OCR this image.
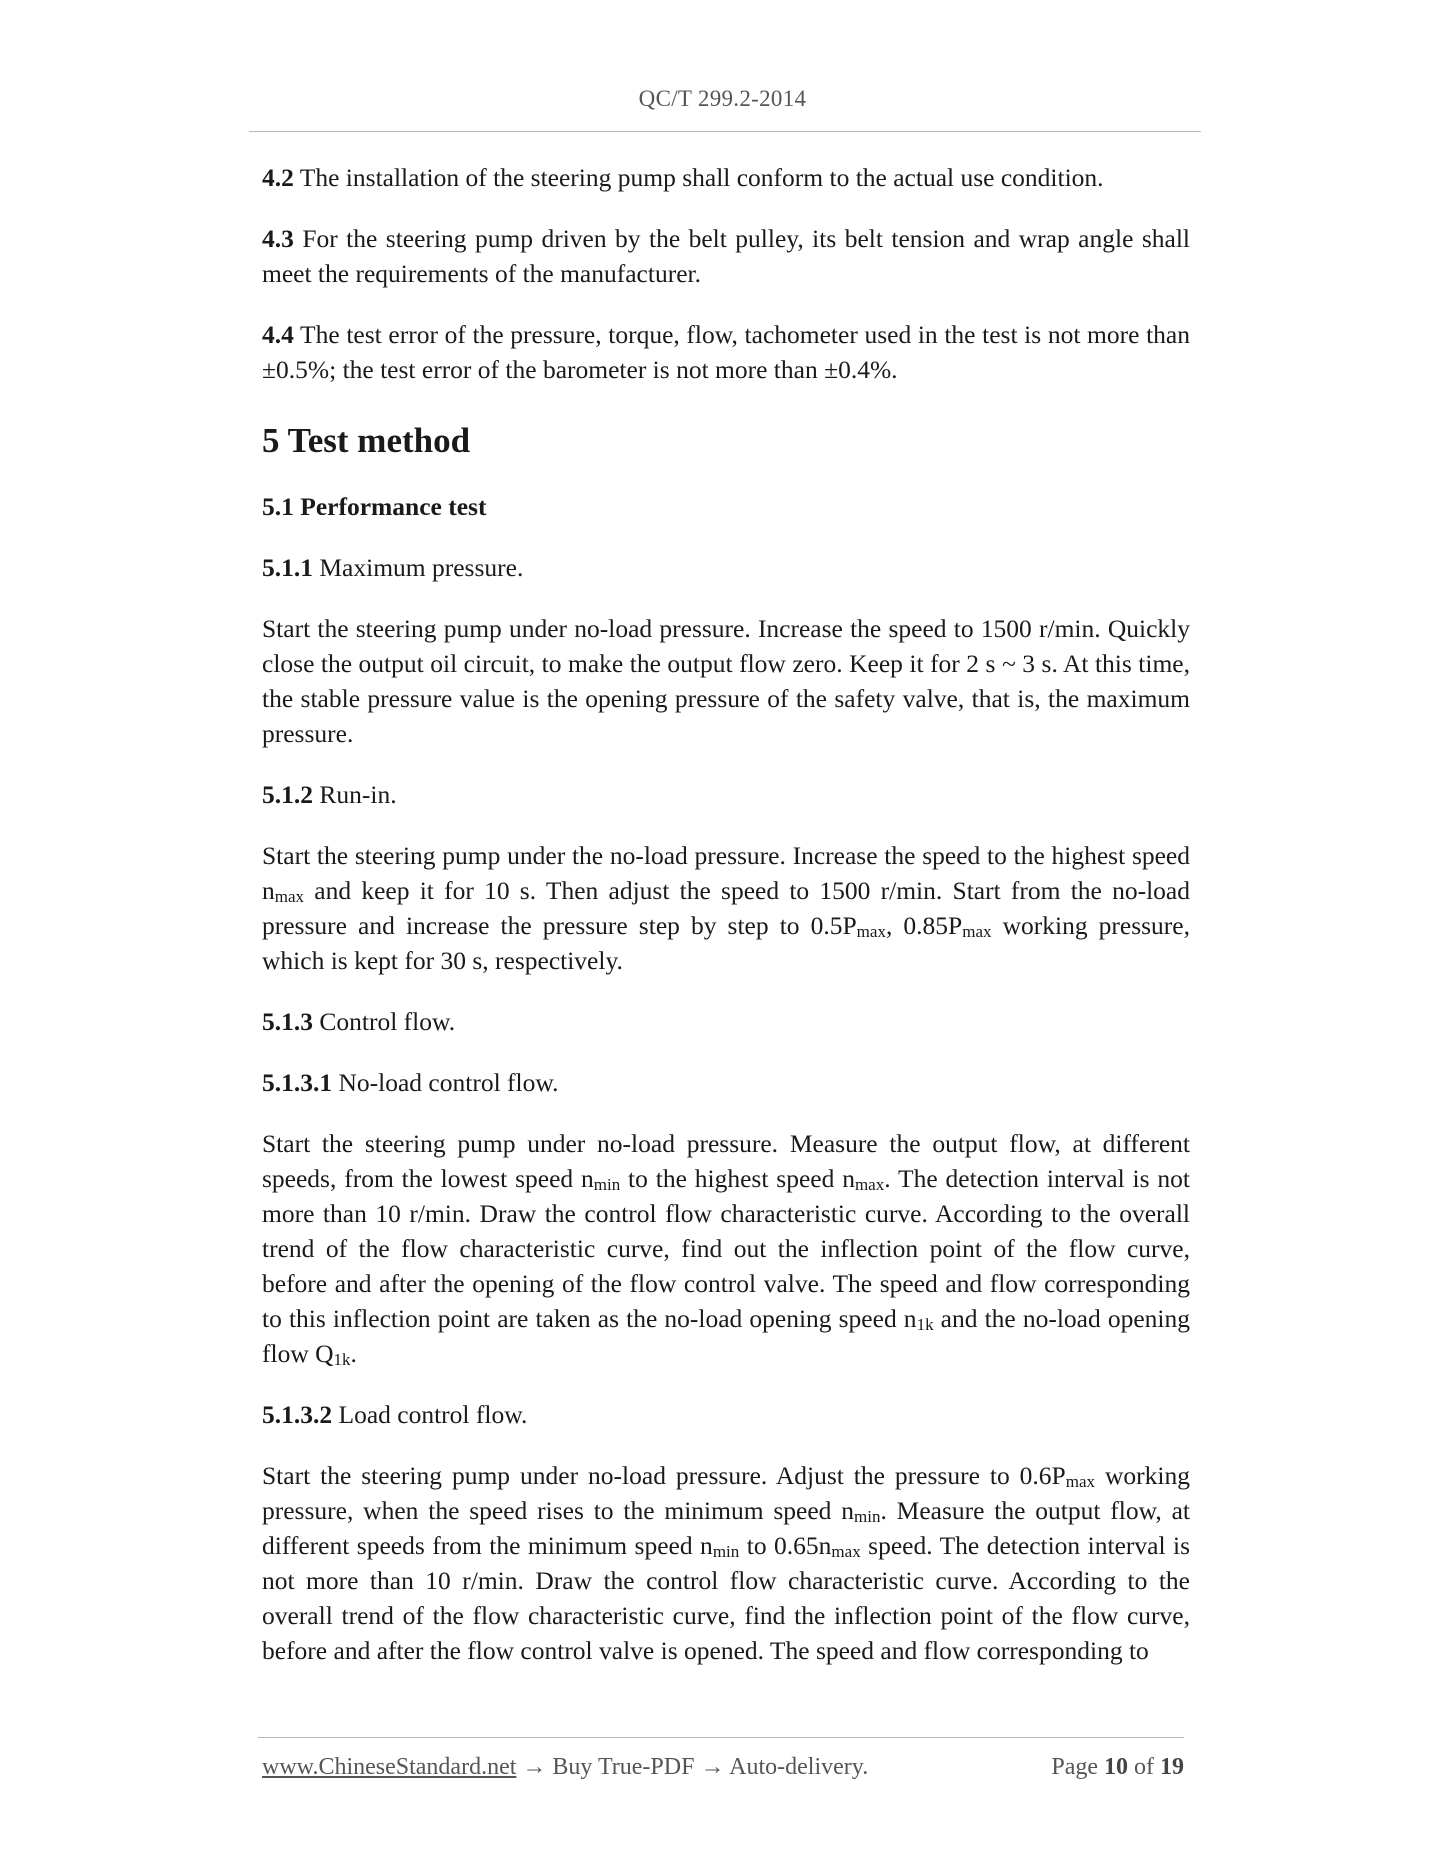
QC/T 299.2-2014

4.2 The installation of the steering pump shall conform to the actual use condition.

4.3 For the steering pump driven by the belt pulley, its belt tension and wrap angle shall meet the requirements of the manufacturer.

4.4 The test error of the pressure, torque, flow, tachometer used in the test is not more than ±0.5%; the test error of the barometer is not more than ±0.4%.

5 Test method
5.1 Performance test

5.1.1 Maximum pressure.

Start the steering pump under no-load pressure. Increase the speed to 1500 r/min. Quickly close the output oil circuit, to make the output flow zero. Keep it for 2 s ~ 3 s. At this time, the stable pressure value is the opening pressure of the safety valve, that is, the maximum pressure.

5.1.2 Run-in.

Start the steering pump under the no-load pressure. Increase the speed to the highest speed $n_{max}$ and keep it for 10 s. Then adjust the speed to 1500 r/min. Start from the no-load pressure and increase the pressure step by step to $0.5P_{max}$, $0.85P_{max}$ working pressure, which is kept for 30 s, respectively.

5.1.3 Control flow.

5.1.3.1 No-load control flow.

Start the steering pump under no-load pressure. Measure the output flow, at different speeds, from the lowest speed $n_{min}$ to the highest speed $n_{max}$. The detection interval is not more than 10 r/min. Draw the control flow characteristic curve. According to the overall trend of the flow characteristic curve, find out the inflection point of the flow curve, before and after the opening of the flow control valve. The speed and flow corresponding to this inflection point are taken as the no-load opening speed $n_{1k}$ and the no-load opening flow $Q_{1k}$.

5.1.3.2 Load control flow.

Start the steering pump under no-load pressure. Adjust the pressure to $0.6P_{max}$ working pressure, when the speed rises to the minimum speed $n_{min}$. Measure the output flow, at different speeds from the minimum speed $n_{min}$ to $0.65n_{max}$ speed. The detection interval is not more than 10 r/min. Draw the control flow characteristic curve. According to the overall trend of the flow characteristic curve, find the inflection point of the flow curve, before and after the flow control valve is opened. The speed and flow corresponding to

www.ChineseStandard.net → Buy True-PDF → Auto-delivery.	Page 10 of 19
